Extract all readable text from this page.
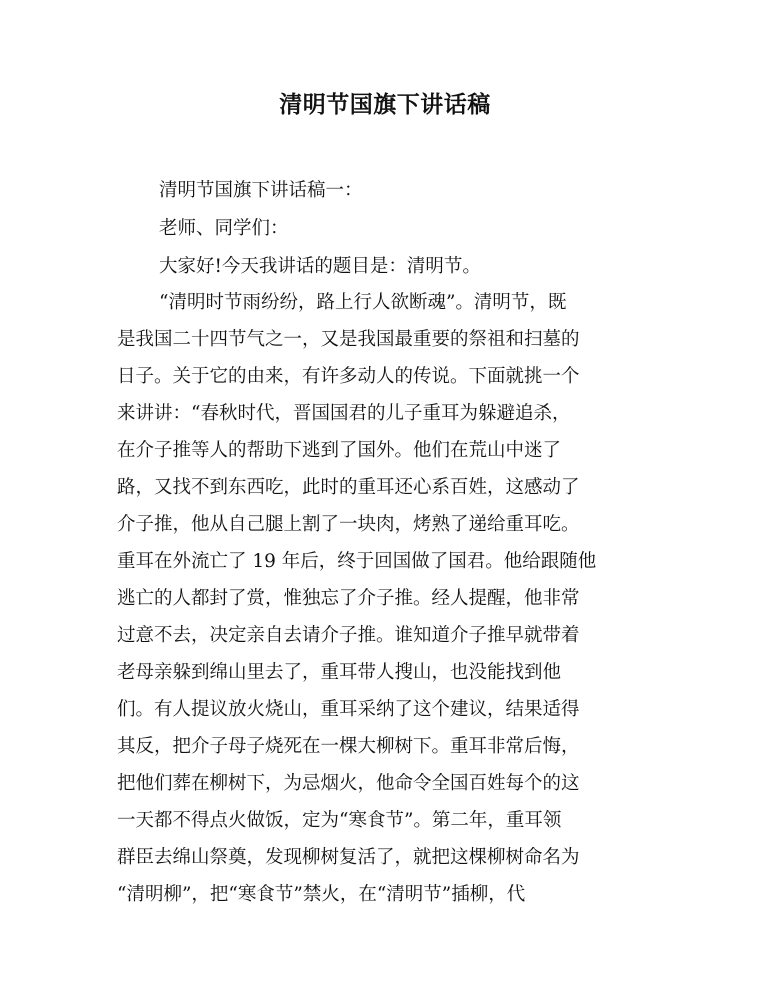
清明节国旗下讲话稿
清明节国旗下讲话稿一：
老师、同学们：
大家好!今天我讲话的题目是：清明节。
“清明时节雨纷纷，路上行人欲断魂”。清明节，既
是我国二十四节气之一，又是我国最重要的祭祖和扫墓的
日子。关于它的由来，有许多动人的传说。下面就挑一个
来讲讲：“春秋时代，晋国国君的儿子重耳为躲避追杀，
在介子推等人的帮助下逃到了国外。他们在荒山中迷了
路，又找不到东西吃，此时的重耳还心系百姓，这感动了
介子推，他从自己腿上割了一块肉，烤熟了递给重耳吃。
重耳在外流亡了 19 年后，终于回国做了国君。他给跟随他
逃亡的人都封了赏，惟独忘了介子推。经人提醒，他非常
过意不去，决定亲自去请介子推。谁知道介子推早就带着
老母亲躲到绵山里去了，重耳带人搜山，也没能找到他
们。有人提议放火烧山，重耳采纳了这个建议，结果适得
其反，把介子母子烧死在一棵大柳树下。重耳非常后悔，
把他们葬在柳树下，为忌烟火，他命令全国百姓每个的这
一天都不得点火做饭，定为“寒食节”。第二年，重耳领
群臣去绵山祭奠，发现柳树复活了，就把这棵柳树命名为
“清明柳”，把“寒食节”禁火，在“清明节”插柳，代
